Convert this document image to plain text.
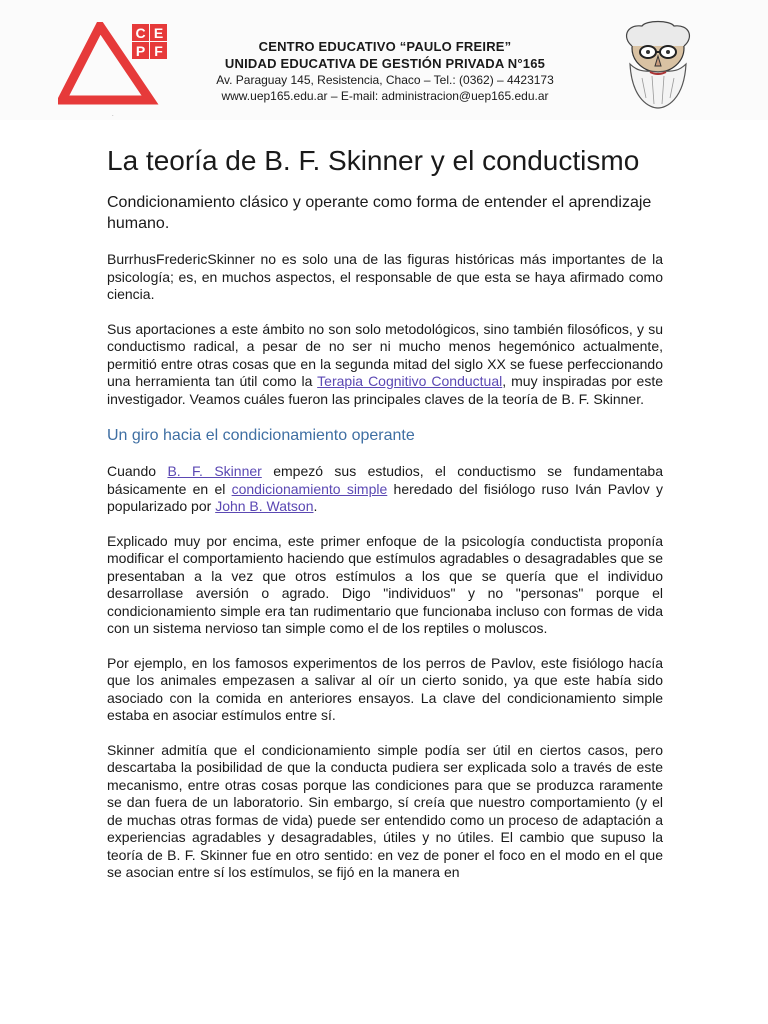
C E
P F	CENTRO EDUCATIVO “PAULO FREIRE”
UNIDAD EDUCATIVA DE GESTIÓN PRIVADA N°165
Av. Paraguay 145, Resistencia, Chaco – Tel.: (0362) – 4423173
www.uep165.edu.ar – E-mail: administracion@uep165.edu.ar
.
La teoría de B. F. Skinner y el conductismo
Condicionamiento clásico y operante como forma de entender el aprendizaje humano.

BurrhusFredericSkinner no es solo una de las figuras históricas más importantes de la psicología; es, en muchos aspectos, el responsable de que esta se haya afirmado como ciencia.

Sus aportaciones a este ámbito no son solo metodológicos, sino también filosóficos, y su conductismo radical, a pesar de no ser ni mucho menos hegemónico actualmente, permitió entre otras cosas que en la segunda mitad del siglo XX se fuese perfeccionando una herramienta tan útil como la Terapia Cognitivo Conductual, muy inspiradas por este investigador. Veamos cuáles fueron las principales claves de la teoría de B. F. Skinner.

Un giro hacia el condicionamiento operante

Cuando B. F. Skinner empezó sus estudios, el conductismo se fundamentaba básicamente en el condicionamiento simple heredado del fisiólogo ruso Iván Pavlov y popularizado por John B. Watson.

Explicado muy por encima, este primer enfoque de la psicología conductista proponía modificar el comportamiento haciendo que estímulos agradables o desagradables que se presentaban a la vez que otros estímulos a los que se quería que el individuo desarrollase aversión o agrado. Digo "individuos" y no "personas" porque el condicionamiento simple era tan rudimentario que funcionaba incluso con formas de vida con un sistema nervioso tan simple como el de los reptiles o moluscos.

Por ejemplo, en los famosos experimentos de los perros de Pavlov, este fisiólogo hacía que los animales empezasen a salivar al oír un cierto sonido, ya que este había sido asociado con la comida en anteriores ensayos. La clave del condicionamiento simple estaba en asociar estímulos entre sí.

Skinner admitía que el condicionamiento simple podía ser útil en ciertos casos, pero descartaba la posibilidad de que la conducta pudiera ser explicada solo a través de este mecanismo, entre otras cosas porque las condiciones para que se produzca raramente se dan fuera de un laboratorio. Sin embargo, sí creía que nuestro comportamiento (y el de muchas otras formas de vida) puede ser entendido como un proceso de adaptación a experiencias agradables y desagradables, útiles y no útiles. El cambio que supuso la teoría de B. F. Skinner fue en otro sentido: en vez de poner el foco en el modo en el que se asocian entre sí los estímulos, se fijó en la manera en
